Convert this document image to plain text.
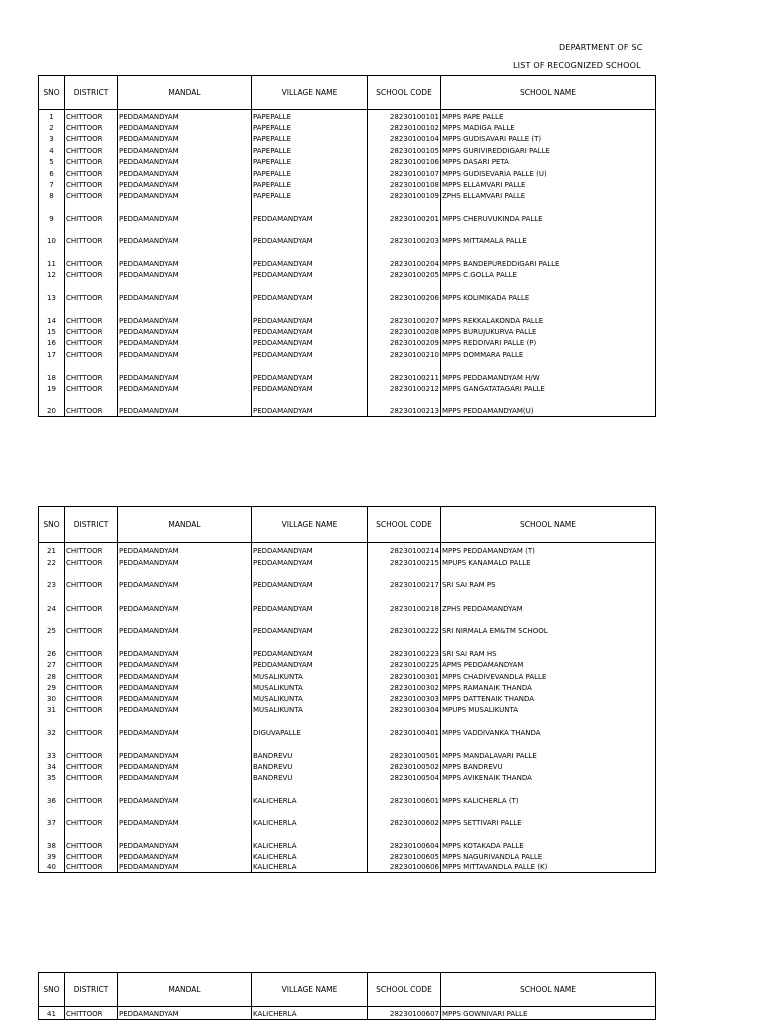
DEPARTMENT OF SC
LIST OF RECOGNIZED SCHOOL
SNO	DISTRICT	MANDAL	VILLAGE NAME	SCHOOL CODE	SCHOOL NAME
1	CHITTOOR	PEDDAMANDYAM	PAPEPALLE	28230100101	MPPS PAPE PALLE
2	CHITTOOR	PEDDAMANDYAM	PAPEPALLE	28230100102	MPPS MADIGA PALLE
3	CHITTOOR	PEDDAMANDYAM	PAPEPALLE	28230100104	MPPS GUDISAVARI PALLE (T)
4	CHITTOOR	PEDDAMANDYAM	PAPEPALLE	28230100105	MPPS GURIVIREDDIGARI PALLE
5	CHITTOOR	PEDDAMANDYAM	PAPEPALLE	28230100106	MPPS DASARI PETA
6	CHITTOOR	PEDDAMANDYAM	PAPEPALLE	28230100107	MPPS GUDISEVARIA PALLE (U)
7	CHITTOOR	PEDDAMANDYAM	PAPEPALLE	28230100108	MPPS ELLAMVARI PALLE
8	CHITTOOR	PEDDAMANDYAM	PAPEPALLE	28230100109	ZPHS ELLAMVARI PALLE
9	CHITTOOR	PEDDAMANDYAM	PEDDAMANDYAM	28230100201	MPPS CHERUVUKINDA PALLE
10	CHITTOOR	PEDDAMANDYAM	PEDDAMANDYAM	28230100203	MPPS MITTAMALA PALLE
11	CHITTOOR	PEDDAMANDYAM	PEDDAMANDYAM	28230100204	MPPS BANDEPUREDDIGARI PALLE
12	CHITTOOR	PEDDAMANDYAM	PEDDAMANDYAM	28230100205	MPPS C.GOLLA PALLE
13	CHITTOOR	PEDDAMANDYAM	PEDDAMANDYAM	28230100206	MPPS KOLIMIKADA PALLE
14	CHITTOOR	PEDDAMANDYAM	PEDDAMANDYAM	28230100207	MPPS REKKALAKONDA PALLE
15	CHITTOOR	PEDDAMANDYAM	PEDDAMANDYAM	28230100208	MPPS BURUJUKURVA PALLE
16	CHITTOOR	PEDDAMANDYAM	PEDDAMANDYAM	28230100209	MPPS REDDIVARI PALLE (P)
17	CHITTOOR	PEDDAMANDYAM	PEDDAMANDYAM	28230100210	MPPS DOMMARA PALLE
18	CHITTOOR	PEDDAMANDYAM	PEDDAMANDYAM	28230100211	MPPS PEDDAMANDYAM H/W
19	CHITTOOR	PEDDAMANDYAM	PEDDAMANDYAM	28230100212	MPPS GANGATATAGARI PALLE
20	CHITTOOR	PEDDAMANDYAM	PEDDAMANDYAM	28230100213	MPPS PEDDAMANDYAM(U)
SNO	DISTRICT	MANDAL	VILLAGE NAME	SCHOOL CODE	SCHOOL NAME
21	CHITTOOR	PEDDAMANDYAM	PEDDAMANDYAM	28230100214	MPPS PEDDAMANDYAM (T)
22	CHITTOOR	PEDDAMANDYAM	PEDDAMANDYAM	28230100215	MPUPS KANAMALO PALLE
23	CHITTOOR	PEDDAMANDYAM	PEDDAMANDYAM	28230100217	SRI SAI RAM PS
24	CHITTOOR	PEDDAMANDYAM	PEDDAMANDYAM	28230100218	ZPHS PEDDAMANDYAM
25	CHITTOOR	PEDDAMANDYAM	PEDDAMANDYAM	28230100222	SRI NIRMALA EM&TM SCHOOL
26	CHITTOOR	PEDDAMANDYAM	PEDDAMANDYAM	28230100223	SRI SAI RAM HS
27	CHITTOOR	PEDDAMANDYAM	PEDDAMANDYAM	28230100225	APMS PEDDAMANDYAM
28	CHITTOOR	PEDDAMANDYAM	MUSALIKUNTA	28230100301	MPPS CHADIVEVANDLA PALLE
29	CHITTOOR	PEDDAMANDYAM	MUSALIKUNTA	28230100302	MPPS RAMANAIK THANDA
30	CHITTOOR	PEDDAMANDYAM	MUSALIKUNTA	28230100303	MPPS DATTENAIK THANDA
31	CHITTOOR	PEDDAMANDYAM	MUSALIKUNTA	28230100304	MPUPS MUSALIKUNTA
32	CHITTOOR	PEDDAMANDYAM	DIGUVAPALLE	28230100401	MPPS VADDIVANKA THANDA
33	CHITTOOR	PEDDAMANDYAM	BANDREVU	28230100501	MPPS MANDALAVARI PALLE
34	CHITTOOR	PEDDAMANDYAM	BANDREVU	28230100502	MPPS BANDREVU
35	CHITTOOR	PEDDAMANDYAM	BANDREVU	28230100504	MPPS AVIKENAIK THANDA
36	CHITTOOR	PEDDAMANDYAM	KALICHERLA	28230100601	MPPS KALICHERLA (T)
37	CHITTOOR	PEDDAMANDYAM	KALICHERLA	28230100602	MPPS SETTIVARI PALLE
38	CHITTOOR	PEDDAMANDYAM	KALICHERLA	28230100604	MPPS KOTAKADA PALLE
39	CHITTOOR	PEDDAMANDYAM	KALICHERLA	28230100605	MPPS NAGURIVANDLA PALLE
40	CHITTOOR	PEDDAMANDYAM	KALICHERLA	28230100606	MPPS MITTAVANDLA PALLE (K)
SNO	DISTRICT	MANDAL	VILLAGE NAME	SCHOOL CODE	SCHOOL NAME
41	CHITTOOR	PEDDAMANDYAM	KALICHERLA	28230100607	MPPS GOWNIVARI PALLE
